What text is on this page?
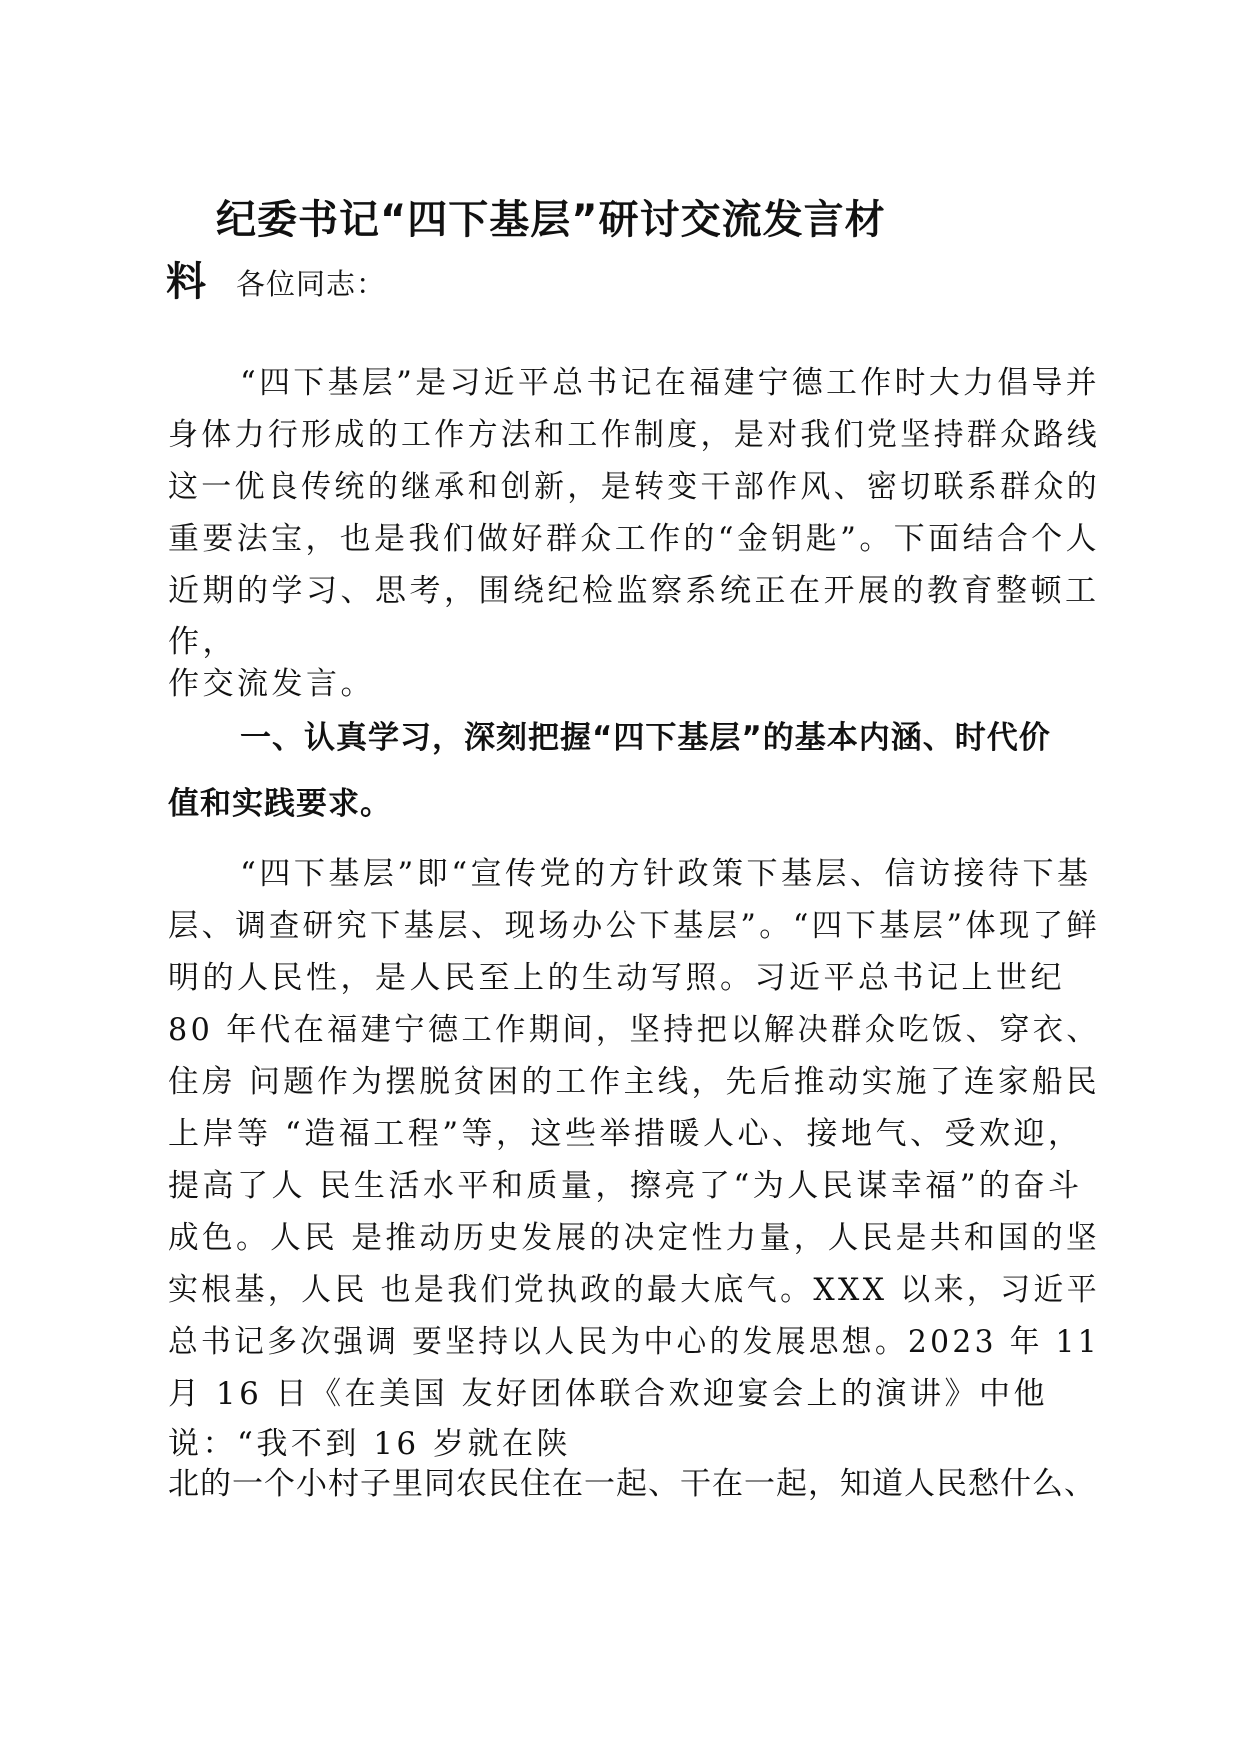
纪委书记“四下基层”研讨交流发言材
料 各位同志：
“四下基层”是习近平总书记在福建宁德工作时大力倡导并
身体力行形成的工作方法和工作制度，是对我们党坚持群众路线
这一优良传统的继承和创新，是转变干部作风、密切联系群众的
重要法宝，也是我们做好群众工作的“金钥匙”。下面结合个人
近期的学习、思考，围绕纪检监察系统正在开展的教育整顿工
作，
作交流发言。
一、认真学习，深刻把握“四下基层”的基本内涵、时代价
值和实践要求。
“四下基层”即“宣传党的方针政策下基层、信访接待下基
层、调查研究下基层、现场办公下基层”。“四下基层”体现了鲜
明的人民性，是人民至上的生动写照。习近平总书记上世纪
80 年代在福建宁德工作期间，坚持把以解决群众吃饭、穿衣、
住房 问题作为摆脱贫困的工作主线，先后推动实施了连家船民
上岸等 “造福工程”等，这些举措暖人心、接地气、受欢迎，
提高了人 民生活水平和质量，擦亮了“为人民谋幸福”的奋斗
成色。人民 是推动历史发展的决定性力量，人民是共和国的坚
实根基，人民 也是我们党执政的最大底气。XXX 以来，习近平
总书记多次强调 要坚持以人民为中心的发展思想。2023 年 11
月 16 日《在美国 友好团体联合欢迎宴会上的演讲》中他
说：“我不到 16 岁就在陕
北的一个小村子里同农民住在一起、干在一起，知道人民愁什么、
